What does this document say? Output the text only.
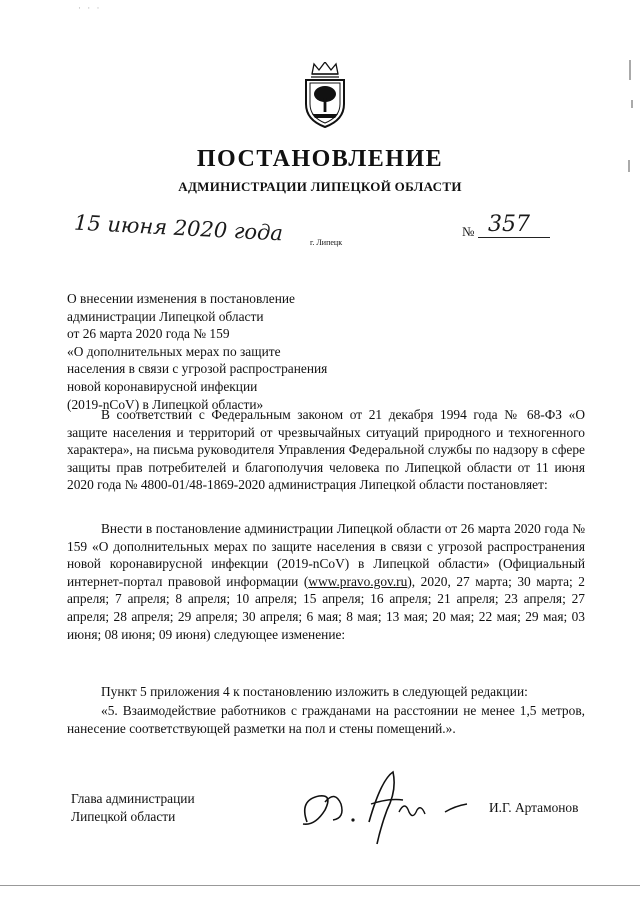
· · ·
ПОСТАНОВЛЕНИЕ
АДМИНИСТРАЦИИ ЛИПЕЦКОЙ ОБЛАСТИ
15 июня 2020 года	г. Липецк
№ 357
О внесении изменения в постановление
администрации Липецкой области
от 26 марта 2020 года № 159
«О дополнительных мерах по защите
населения в связи с угрозой распространения
новой коронавирусной инфекции
(2019-nCoV) в Липецкой области»
В соответствии с Федеральным законом от 21 декабря 1994 года № 68-ФЗ «О защите населения и территорий от чрезвычайных ситуаций природного и техногенного характера», на письма руководителя Управления Федеральной службы по надзору в сфере защиты прав потребителей и благополучия человека по Липецкой области от 11 июня 2020 года № 4800-01/48-1869-2020 администрация Липецкой области постановляет:
Внести в постановление администрации Липецкой области от 26 марта 2020 года № 159 «О дополнительных мерах по защите населения в связи с угрозой распространения новой коронавирусной инфекции (2019-nCoV) в Липецкой области» (Официальный интернет-портал правовой информации (www.pravo.gov.ru), 2020, 27 марта; 30 марта; 2 апреля; 7 апреля; 8 апреля; 10 апреля; 15 апреля; 16 апреля; 21 апреля; 23 апреля; 27 апреля; 28 апреля; 29 апреля; 30 апреля; 6 мая; 8 мая; 13 мая; 20 мая; 22 мая; 29 мая; 03 июня; 08 июня; 09 июня) следующее изменение:
Пункт 5 приложения 4 к постановлению изложить в следующей редакции:
«5. Взаимодействие работников с гражданами на расстоянии не менее 1,5 метров, нанесение соответствующей разметки на пол и стены помещений.».
Глава администрации
Липецкой области
И.Г. Артамонов
